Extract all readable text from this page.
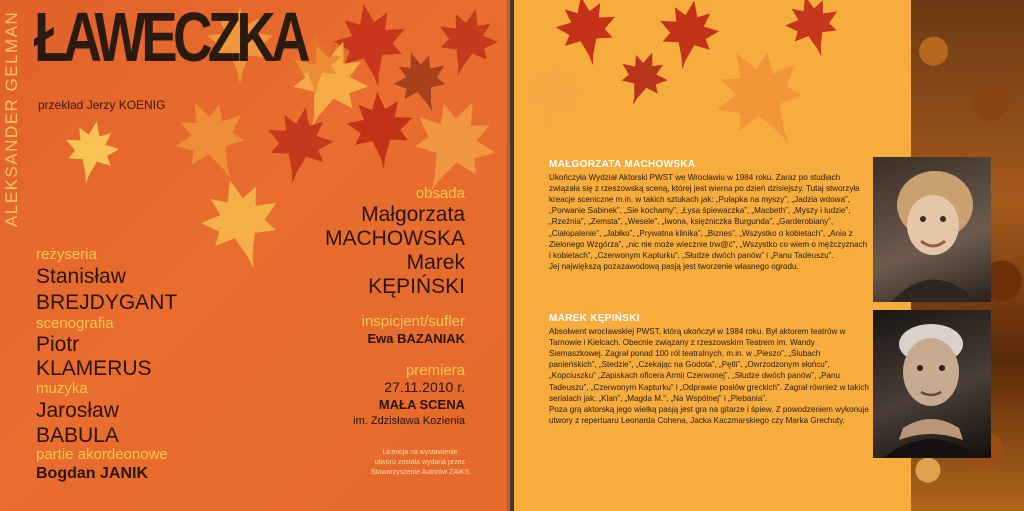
ALEKSANDER GELMAN ŁAWECZKA
przekład Jerzy KOENIG
reżyseria
Stanisław
BREJDYGANT
scenografia
Piotr
KLAMERUS
muzyka
Jarosław
BABULA
partie akordeonowe
Bogdan JANIK
obsada
Małgorzata
MACHOWSKA
Marek
KĘPIŃSKI
inspicjent/sufler
Ewa BAZANIAK
premiera
27.11.2010 r.
MAŁA SCENA
im. Zdzisława Kozienia
Licencja na wystawienie
utworu została wydana przez
Stowarzyszenie Autorów ZAiKS
MAŁGORZATA MACHOWSKA
Ukończyła Wydział Aktorski PWST we Wrocławiu w 1984 roku. Zaraz po studiach związała się z rzeszowską sceną, której jest wierna po dzień dzisiejszy. Tutaj stworzyła kreacje sceniczne m.in. w takich sztukach jak: „Pułapka na myszy”, „Jadzia wdowa”, „Porwanie Sabinek”, „Sie kochamy”, „Łysa śpiewaczka”, „Macbeth”, „Myszy i ludzie”, „Rzeźnia”, „Zemsta”, „Wesele”, „Iwona, księżniczka Burgunda”, „Garderobiany”, „Ciałopalenie”, „Jabłko”, „Prywatna klinika”, „Biznes”, „Wszystko o kobietach”, „Ania z Zielonego Wzgórza”, „nic nie może wiecznie trw@ć”, „Wszystko co wiem o mężczyznach i kobietach”, „Czerwonym Kapturku”, „Słudze dwóch panów” i „Panu Tadeuszu”.
Jej największą pozazawodową pasją jest tworzenie własnego ogrodu.
MAREK KĘPIŃSKI
Absolwent wrocławskiej PWST, którą ukończył w 1984 roku. Był aktorem teatrów w Tarnowie i Kielcach. Obecnie związany z rzeszowskim Teatrem im. Wandy Siemaszkowej. Zagrał ponad 100 ról teatralnych, m.in. w „Pieszo”, „Ślubach panieńskich”, „Stedzie”, „Czekając na Godota”, „Pętli”, „Owrzodzonym słońcu”, „Kopciuszku” „Zapiskach oficera Armii Czerwonej”, „Słudze dwóch panów”, „Panu Tadeuszu”, „Czerwonym Kapturku” i „Odprawie posłów greckich”. Zagrał również w takich serialach jak: „Klan”, „Magda M.”, „Na Wspólnej” i „Plebania”.
Poza grą aktorską jego wielką pasją jest gra na gitarze i śpiew. Z powodzeniem wykonuje utwory z repertuaru Leonarda Cohena, Jacka Kaczmarskiego czy Marka Grechuty.
